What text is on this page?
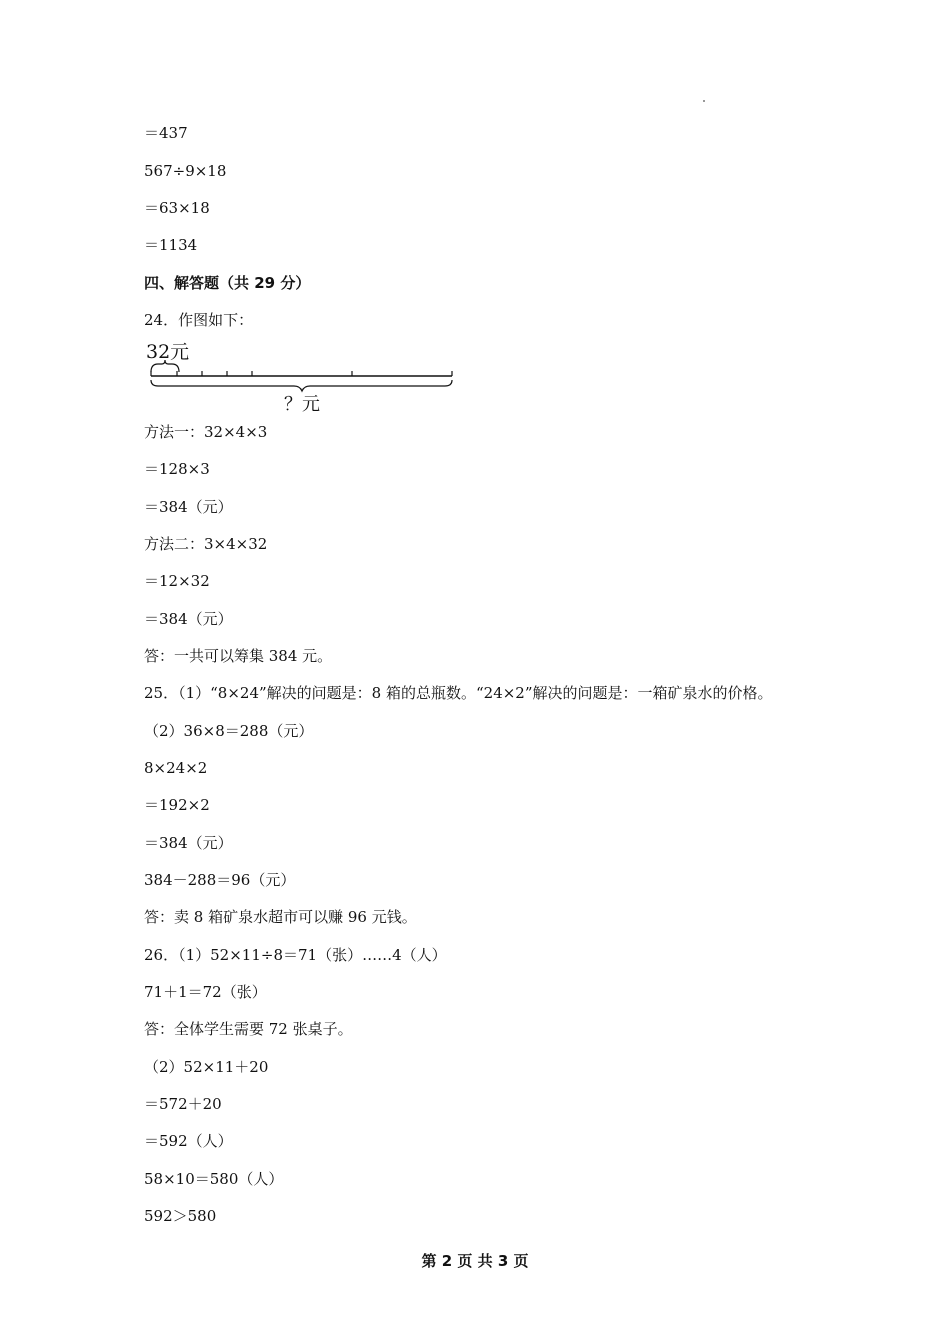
＝437
567÷9×18
＝63×18
＝1134
四、解答题（共 29 分）
24．作图如下：
32元
？元
方法一：32×4×3
＝128×3
＝384（元）
方法二：3×4×32
＝12×32
＝384（元）
答：一共可以筹集 384 元。
25．（1）“8×24”解决的问题是：8 箱的总瓶数。“24×2”解决的问题是：一箱矿泉水的价格。
（2）36×8＝288（元）
8×24×2
＝192×2
＝384（元）
384－288＝96（元）
答：卖 8 箱矿泉水超市可以赚 96 元钱。
26．（1）52×11÷8＝71（张）……4（人）
71＋1＝72（张）
答：全体学生需要 72 张桌子。
（2）52×11＋20
＝572＋20
＝592（人）
58×10＝580（人）
592＞580
第 2 页 共 3 页
